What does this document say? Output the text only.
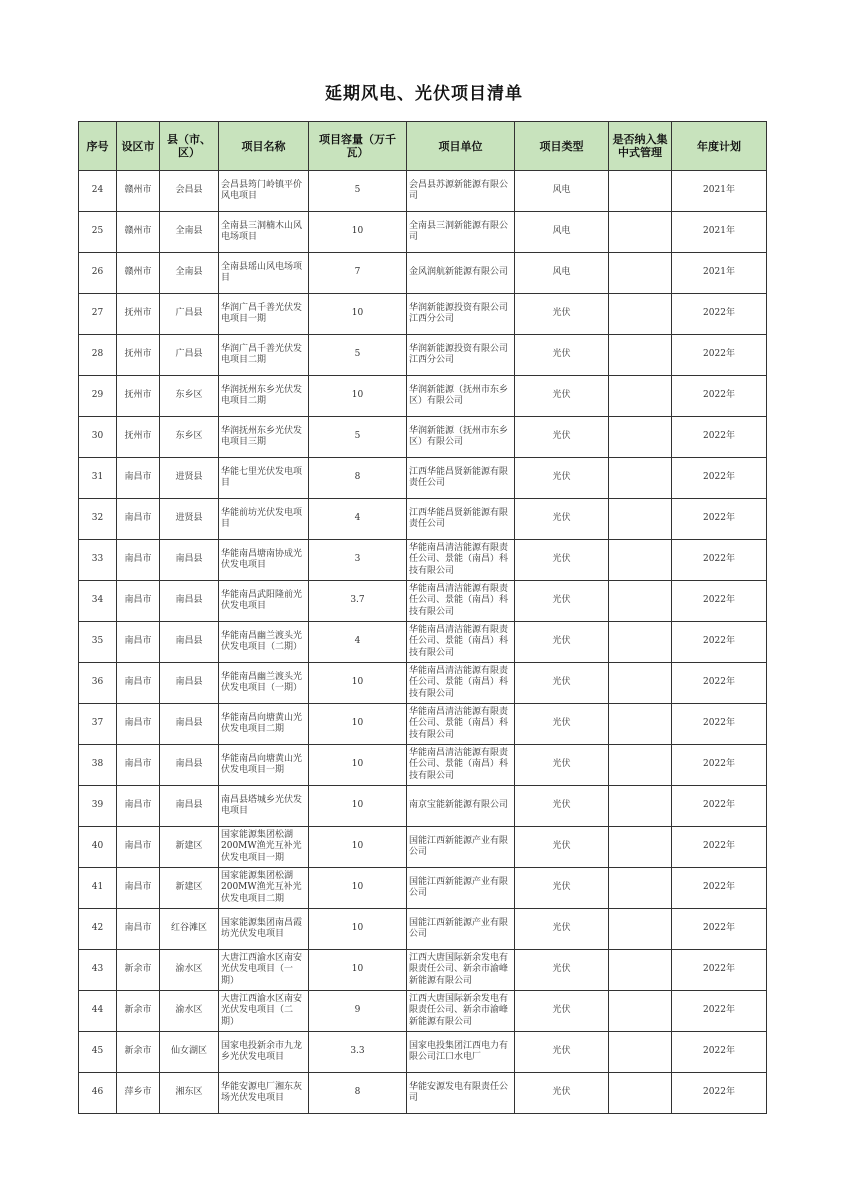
延期风电、光伏项目清单
序号	设区市	县（市、区）	项目名称	项目容量（万千瓦）	项目单位	项目类型	是否纳入集中式管理	年度计划
24	赣州市	会昌县	会昌县筠门岭镇平价风电项目	5	会昌县苏源新能源有限公司	风电		2021年
25	赣州市	全南县	全南县三洞楠木山风电场项目	10	全南县三洞新能源有限公司	风电		2021年
26	赣州市	全南县	全南县瑶山风电场项目	7	金风润航新能源有限公司	风电		2021年
27	抚州市	广昌县	华润广昌千善光伏发电项目一期	10	华润新能源投资有限公司江西分公司	光伏		2022年
28	抚州市	广昌县	华润广昌千善光伏发电项目二期	5	华润新能源投资有限公司江西分公司	光伏		2022年
29	抚州市	东乡区	华润抚州东乡光伏发电项目二期	10	华润新能源（抚州市东乡区）有限公司	光伏		2022年
30	抚州市	东乡区	华润抚州东乡光伏发电项目三期	5	华润新能源（抚州市东乡区）有限公司	光伏		2022年
31	南昌市	进贤县	华能七里光伏发电项目	8	江西华能昌贤新能源有限责任公司	光伏		2022年
32	南昌市	进贤县	华能前坊光伏发电项目	4	江西华能昌贤新能源有限责任公司	光伏		2022年
33	南昌市	南昌县	华能南昌塘南协成光伏发电项目	3	华能南昌清洁能源有限责任公司、景能（南昌）科技有限公司	光伏		2022年
34	南昌市	南昌县	华能南昌武阳隆前光伏发电项目	3.7	华能南昌清洁能源有限责任公司、景能（南昌）科技有限公司	光伏		2022年
35	南昌市	南昌县	华能南昌幽兰渡头光伏发电项目（二期）	4	华能南昌清洁能源有限责任公司、景能（南昌）科技有限公司	光伏		2022年
36	南昌市	南昌县	华能南昌幽兰渡头光伏发电项目（一期）	10	华能南昌清洁能源有限责任公司、景能（南昌）科技有限公司	光伏		2022年
37	南昌市	南昌县	华能南昌向塘黄山光伏发电项目二期	10	华能南昌清洁能源有限责任公司、景能（南昌）科技有限公司	光伏		2022年
38	南昌市	南昌县	华能南昌向塘黄山光伏发电项目一期	10	华能南昌清洁能源有限责任公司、景能（南昌）科技有限公司	光伏		2022年
39	南昌市	南昌县	南昌县塔城乡光伏发电项目	10	南京宝能新能源有限公司	光伏		2022年
40	南昌市	新建区	国家能源集团松湖200MW渔光互补光伏发电项目一期	10	国能江西新能源产业有限公司	光伏		2022年
41	南昌市	新建区	国家能源集团松湖200MW渔光互补光伏发电项目二期	10	国能江西新能源产业有限公司	光伏		2022年
42	南昌市	红谷滩区	国家能源集团南昌霞坊光伏发电项目	10	国能江西新能源产业有限公司	光伏		2022年
43	新余市	渝水区	大唐江西渝水区南安光伏发电项目（一期）	10	江西大唐国际新余发电有限责任公司、新余市渝峰新能源有限公司	光伏		2022年
44	新余市	渝水区	大唐江西渝水区南安光伏发电项目（二期）	9	江西大唐国际新余发电有限责任公司、新余市渝峰新能源有限公司	光伏		2022年
45	新余市	仙女湖区	国家电投新余市九龙乡光伏发电项目	3.3	国家电投集团江西电力有限公司江口水电厂	光伏		2022年
46	萍乡市	湘东区	华能安源电厂湘东灰场光伏发电项目	8	华能安源发电有限责任公司	光伏		2022年
